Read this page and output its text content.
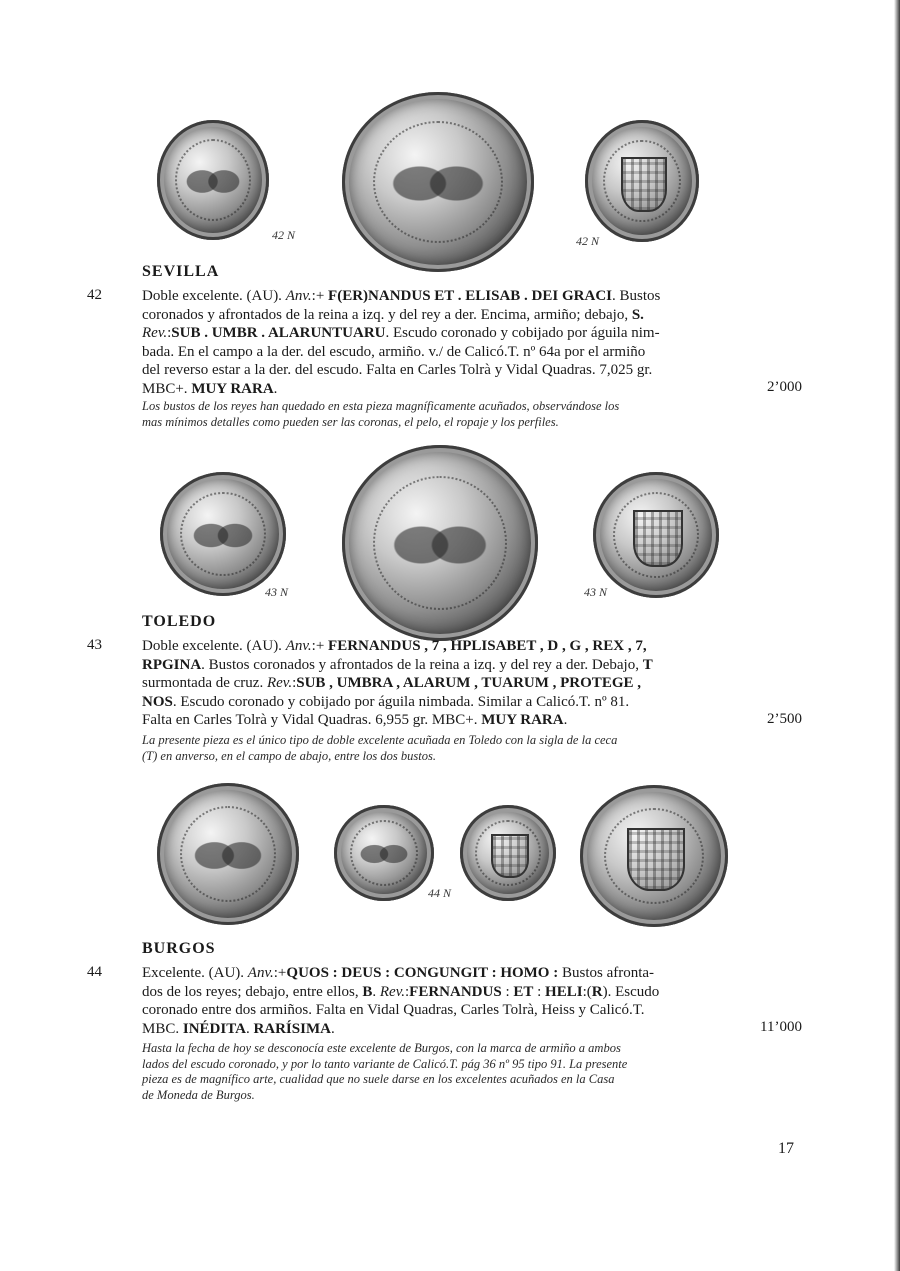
42 N	42 N
SEVILLA
42	Doble excelente. (AU). Anv.:+ F(ER)NANDUS ET . ELISAB . DEI GRACI. Bustos
coronados y afrontados de la reina a izq. y del rey a der. Encima, armiño; debajo, S.
Rev.:SUB . UMBR . ALARUNTUARU. Escudo coronado y cobijado por águila nim-
bada. En el campo a la der. del escudo, armiño. v./ de Calicó.T. nº 64a por el armiño
del reverso estar a la der. del escudo. Falta en Carles Tolrà y Vidal Quadras. 7,025 gr.
MBC+. MUY RARA.	2’000
Los bustos de los reyes han quedado en esta pieza magníficamente acuñados, observándose los
mas mínimos detalles como pueden ser las coronas, el pelo, el ropaje y los perfiles.
43 N	43 N
TOLEDO
43	Doble excelente. (AU). Anv.:+ FERNANDUS , 7 , HPLISABET , D , G , REX , 7,
RPGINA. Bustos coronados y afrontados de la reina a izq. y del rey a der. Debajo, T
surmontada de cruz. Rev.:SUB , UMBRA , ALARUM , TUARUM , PROTEGE ,
NOS. Escudo coronado y cobijado por águila nimbada. Similar a Calicó.T. nº 81.
Falta en Carles Tolrà y Vidal Quadras. 6,955 gr. MBC+. MUY RARA.	2’500
La presente pieza es el único tipo de doble excelente acuñada en Toledo con la sigla de la ceca
(T) en anverso, en el campo de abajo, entre los dos bustos.
44 N
BURGOS
44	Excelente. (AU). Anv.:+QUOS : DEUS : CONGUNGIT : HOMO : Bustos afronta-
dos de los reyes; debajo, entre ellos, B. Rev.:FERNANDUS : ET : HELI:(R). Escudo
coronado entre dos armiños. Falta en Vidal Quadras, Carles Tolrà, Heiss y Calicó.T.
MBC. INÉDITA. RARÍSIMA.	11’000
Hasta la fecha de hoy se desconocía este excelente de Burgos, con la marca de armiño a ambos
lados del escudo coronado, y por lo tanto variante de Calicó.T. pág 36 nº 95 tipo 91. La presente
pieza es de magnífico arte, cualidad que no suele darse en los excelentes acuñados en la Casa
de Moneda de Burgos.
17
